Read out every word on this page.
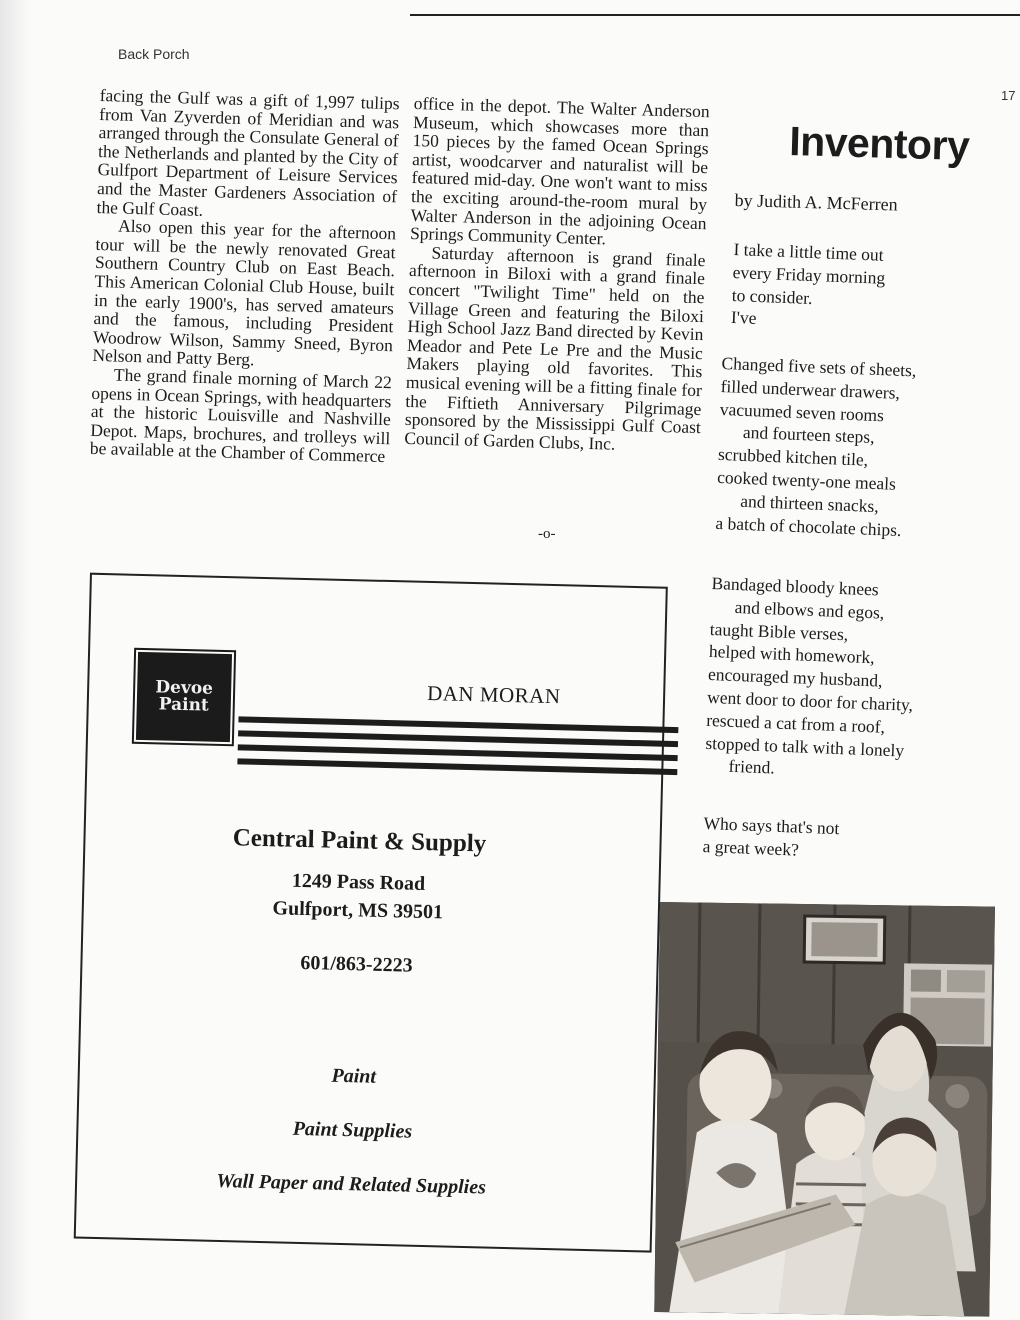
Back Porch
17

facing the Gulf was a gift of 1,997 tulips from Van Zyverden of Meridian and was arranged through the Consulate General of the Netherlands and planted by the City of Gulfport Department of Leisure Services and the Master Gardeners Association of the Gulf Coast.

Also open this year for the afternoon tour will be the newly renovated Great Southern Country Club on East Beach. This American Colonial Club House, built in the early 1900's, has served amateurs and the famous, including President Woodrow Wilson, Sammy Sneed, Byron Nelson and Patty Berg.

The grand finale morning of March 22 opens in Ocean Springs, with headquarters at the historic Louisville and Nashville Depot. Maps, brochures, and trolleys will be available at the Chamber of Commerce

office in the depot. The Walter Anderson Museum, which showcases more than 150 pieces by the famed Ocean Springs artist, woodcarver and naturalist will be featured mid-day. One won't want to miss the exciting around-the-room mural by Walter Anderson in the adjoining Ocean Springs Community Center.

Saturday afternoon is grand finale afternoon in Biloxi with a grand finale concert "Twilight Time" held on the Village Green and featuring the Biloxi High School Jazz Band directed by Kevin Meador and Pete Le Pre and the Music Makers playing old favorites. This musical evening will be a fitting finale for the Fiftieth Anniversary Pilgrimage sponsored by the Mississippi Gulf Coast Council of Garden Clubs, Inc.

-o-
Inventory
by Judith A. McFerren
I take a little time out
every Friday morning
to consider.
I've
Changed five sets of sheets,
filled underwear drawers,
vacuumed seven rooms
and fourteen steps,
scrubbed kitchen tile,
cooked twenty-one meals
and thirteen snacks,
a batch of chocolate chips.
Bandaged bloody knees
and elbows and egos,
taught Bible verses,
helped with homework,
encouraged my husband,
went door to door for charity,
rescued a cat from a roof,
stopped to talk with a lonely
friend.
Who says that's not
a great week?
Devoe
Paint	DAN MORAN
Central Paint & Supply
1249 Pass Road
Gulfport, MS 39501
601/863-2223
Paint
Paint Supplies
Wall Paper and Related Supplies
